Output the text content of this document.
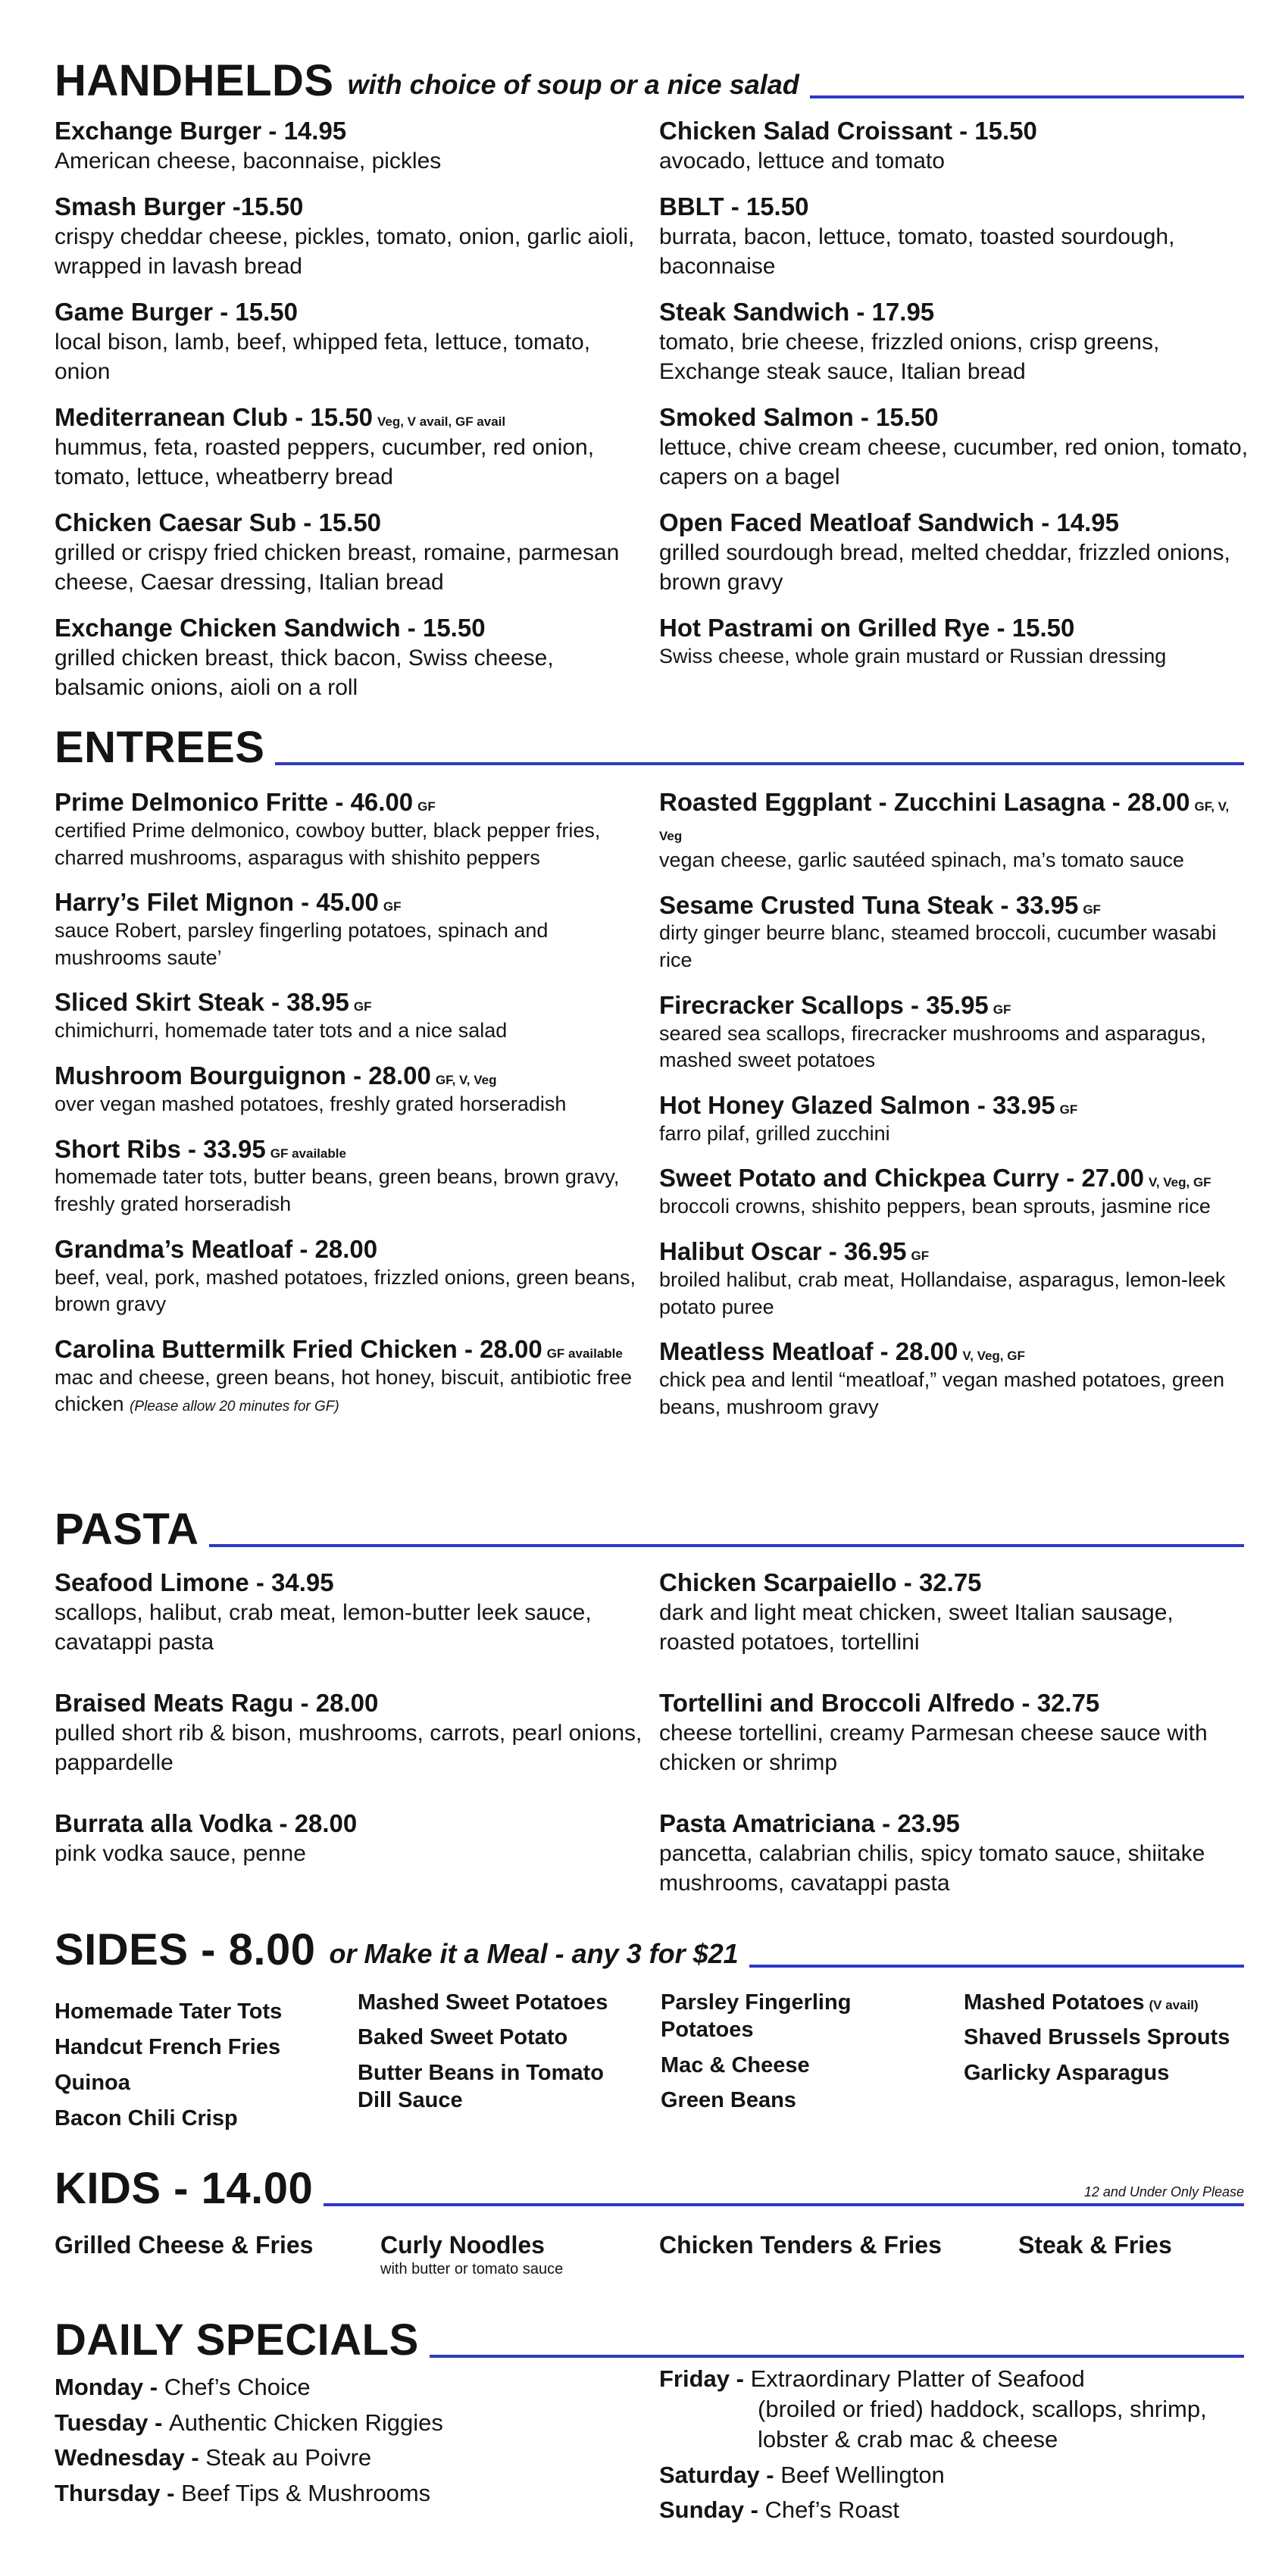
HANDHELDS with choice of soup or a nice salad
Exchange Burger - 14.95
American cheese, baconnaise, pickles
Smash Burger -15.50
crispy cheddar cheese, pickles, tomato, onion, garlic aioli, wrapped in lavash bread
Game Burger - 15.50
local bison, lamb, beef, whipped feta, lettuce, tomato, onion
Mediterranean Club - 15.50 Veg, V avail, GF avail
hummus, feta, roasted peppers, cucumber, red onion, tomato, lettuce, wheatberry bread
Chicken Caesar Sub - 15.50
grilled or crispy fried chicken breast, romaine, parmesan cheese, Caesar dressing, Italian bread
Exchange Chicken Sandwich - 15.50
grilled chicken breast, thick bacon, Swiss cheese, balsamic onions, aioli on a roll
Chicken Salad Croissant - 15.50
avocado, lettuce and tomato
BBLT - 15.50
burrata, bacon, lettuce, tomato, toasted sourdough, baconnaise
Steak Sandwich - 17.95
tomato, brie cheese, frizzled onions, crisp greens, Exchange steak sauce, Italian bread
Smoked Salmon - 15.50
lettuce, chive cream cheese, cucumber, red onion, tomato, capers on a bagel
Open Faced Meatloaf Sandwich - 14.95
grilled sourdough bread, melted cheddar, frizzled onions, brown gravy
Hot Pastrami on Grilled Rye - 15.50
Swiss cheese, whole grain mustard or Russian dressing
ENTREES
Prime Delmonico Fritte - 46.00 GF
certified Prime delmonico, cowboy butter, black pepper fries, charred mushrooms, asparagus with shishito peppers
Harry’s Filet Mignon - 45.00 GF
sauce Robert, parsley fingerling potatoes, spinach and mushrooms saute’
Sliced Skirt Steak - 38.95 GF
chimichurri, homemade tater tots and a nice salad
Mushroom Bourguignon - 28.00 GF, V, Veg
over vegan mashed potatoes, freshly grated horseradish
Short Ribs - 33.95 GF available
homemade tater tots, butter beans, green beans, brown gravy, freshly grated horseradish
Grandma’s Meatloaf - 28.00
beef, veal, pork, mashed potatoes, frizzled onions, green beans, brown gravy
Carolina Buttermilk Fried Chicken - 28.00 GF available
mac and cheese, green beans, hot honey, biscuit, antibiotic free chicken (Please allow 20 minutes for GF)
Roasted Eggplant - Zucchini Lasagna - 28.00 GF, V, Veg
vegan cheese, garlic sautéed spinach, ma’s tomato sauce
Sesame Crusted Tuna Steak - 33.95 GF
dirty ginger beurre blanc, steamed broccoli, cucumber wasabi rice
Firecracker Scallops - 35.95 GF
seared sea scallops, firecracker mushrooms and asparagus, mashed sweet potatoes
Hot Honey Glazed Salmon - 33.95 GF
farro pilaf, grilled zucchini
Sweet Potato and Chickpea Curry - 27.00 V, Veg, GF
broccoli crowns, shishito peppers, bean sprouts, jasmine rice
Halibut Oscar - 36.95 GF
broiled halibut, crab meat, Hollandaise, asparagus, lemon-leek potato puree
Meatless Meatloaf - 28.00 V, Veg, GF
chick pea and lentil “meatloaf,” vegan mashed potatoes, green beans, mushroom gravy
PASTA
Seafood Limone - 34.95
scallops, halibut, crab meat, lemon-butter leek sauce, cavatappi pasta
Braised Meats Ragu - 28.00
pulled short rib & bison, mushrooms, carrots, pearl onions, pappardelle
Burrata alla Vodka - 28.00
pink vodka sauce, penne
Chicken Scarpaiello - 32.75
dark and light meat chicken, sweet Italian sausage, roasted potatoes, tortellini
Tortellini and Broccoli Alfredo - 32.75
cheese tortellini, creamy Parmesan cheese sauce with chicken or shrimp
Pasta Amatriciana - 23.95
pancetta, calabrian chilis, spicy tomato sauce, shiitake mushrooms, cavatappi pasta
SIDES - 8.00 or Make it a Meal - any 3 for $21
Homemade Tater Tots
Handcut French Fries
Quinoa
Bacon Chili Crisp
Mashed Sweet Potatoes
Baked Sweet Potato
Butter Beans in Tomato
Dill Sauce
Parsley Fingerling
Potatoes
Mac & Cheese
Green Beans
Mashed Potatoes (V avail)
Shaved Brussels Sprouts
Garlicky Asparagus
KIDS - 14.00	12 and Under Only Please
Grilled Cheese & Fries	Curly Noodles
with butter or tomato sauce
Chicken Tenders & Fries	Steak & Fries
DAILY SPECIALS
Monday - Chef’s Choice
Tuesday - Authentic Chicken Riggies
Wednesday - Steak au Poivre
Thursday - Beef Tips & Mushrooms
Friday - Extraordinary Platter of Seafood
(broiled or fried) haddock, scallops, shrimp,
lobster & crab mac & cheese
Saturday - Beef Wellington
Sunday - Chef’s Roast
